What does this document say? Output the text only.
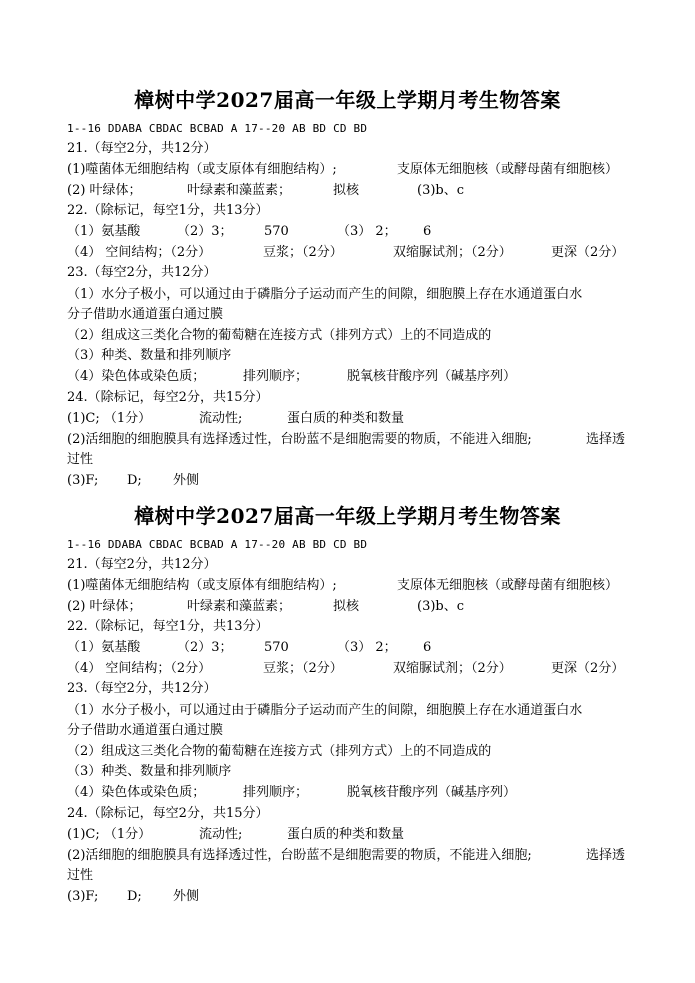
樟树中学2027届高一年级上学期月考生物答案
1--16 DDABA CBDAC BCBAD A 17--20 AB BD CD BD
21.（每空2分，共12分）
(1)噬菌体无细胞结构（或支原体有细胞结构）;	支原体无细胞核（或酵母菌有细胞核）
(2) 叶绿体；	叶绿素和藻蓝素；	拟核	(3)b、c
22.（除标记，每空1分，共13分）
（1）氨基酸	（2）3； 570	（3） 2； 6
（4） 空间结构；（2分）	豆浆；（2分）	双缩脲试剂；（2分）	更深（2分）
23.（每空2分，共12分）
（1）水分子极小，可以通过由于磷脂分子运动而产生的间隙，细胞膜上存在水通道蛋白水
分子借助水通道蛋白通过膜
（2）组成这三类化合物的葡萄糖在连接方式（排列方式）上的不同造成的
（3）种类、数量和排列顺序
（4）染色体或染色质；	排列顺序；	脱氧核苷酸序列（碱基序列）
24.（除标记，每空2分，共15分）
(1)C; （1分）	流动性;	蛋白质的种类和数量
(2)活细胞的细胞膜具有选择透过性，台盼蓝不是细胞需要的物质，不能进入细胞;	选择透
过性
(3)F; D; 外侧
樟树中学2027届高一年级上学期月考生物答案
1--16 DDABA CBDAC BCBAD A 17--20 AB BD CD BD
21.（每空2分，共12分）
(1)噬菌体无细胞结构（或支原体有细胞结构）;	支原体无细胞核（或酵母菌有细胞核）
(2) 叶绿体；	叶绿素和藻蓝素；	拟核	(3)b、c
22.（除标记，每空1分，共13分）
（1）氨基酸	（2）3； 570	（3） 2； 6
（4） 空间结构；（2分）	豆浆；（2分）	双缩脲试剂；（2分）	更深（2分）
23.（每空2分，共12分）
（1）水分子极小，可以通过由于磷脂分子运动而产生的间隙，细胞膜上存在水通道蛋白水
分子借助水通道蛋白通过膜
（2）组成这三类化合物的葡萄糖在连接方式（排列方式）上的不同造成的
（3）种类、数量和排列顺序
（4）染色体或染色质；	排列顺序；	脱氧核苷酸序列（碱基序列）
24.（除标记，每空2分，共15分）
(1)C; （1分）	流动性;	蛋白质的种类和数量
(2)活细胞的细胞膜具有选择透过性，台盼蓝不是细胞需要的物质，不能进入细胞;	选择透
过性
(3)F; D; 外侧
